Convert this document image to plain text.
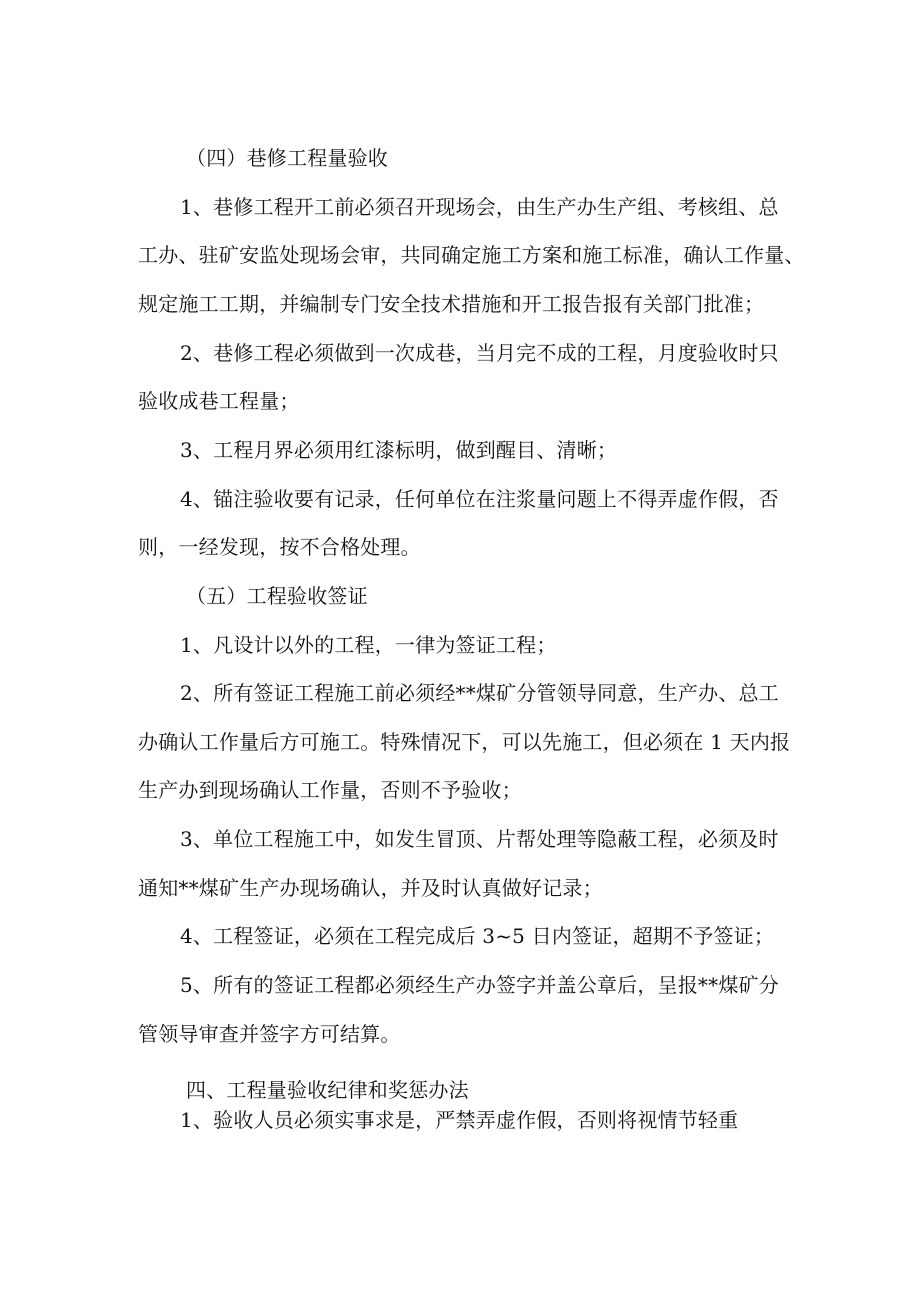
（四）巷修工程量验收
1、巷修工程开工前必须召开现场会，由生产办生产组、考核组、总
工办、驻矿安监处现场会审，共同确定施工方案和施工标准，确认工作量、
规定施工工期，并编制专门安全技术措施和开工报告报有关部门批准；
2、巷修工程必须做到一次成巷，当月完不成的工程，月度验收时只
验收成巷工程量；
3、工程月界必须用红漆标明，做到醒目、清晰；
4、锚注验收要有记录，任何单位在注浆量问题上不得弄虚作假，否
则，一经发现，按不合格处理。
（五）工程验收签证
1、凡设计以外的工程，一律为签证工程；
2、所有签证工程施工前必须经**煤矿分管领导同意，生产办、总工
办确认工作量后方可施工。特殊情况下，可以先施工，但必须在 1 天内报
生产办到现场确认工作量，否则不予验收；
3、单位工程施工中，如发生冒顶、片帮处理等隐蔽工程，必须及时
通知**煤矿生产办现场确认，并及时认真做好记录；
4、工程签证，必须在工程完成后 3~5 日内签证，超期不予签证；
5、所有的签证工程都必须经生产办签字并盖公章后，呈报**煤矿分
管领导审查并签字方可结算。
四、工程量验收纪律和奖惩办法
1、验收人员必须实事求是，严禁弄虚作假，否则将视情节轻重
